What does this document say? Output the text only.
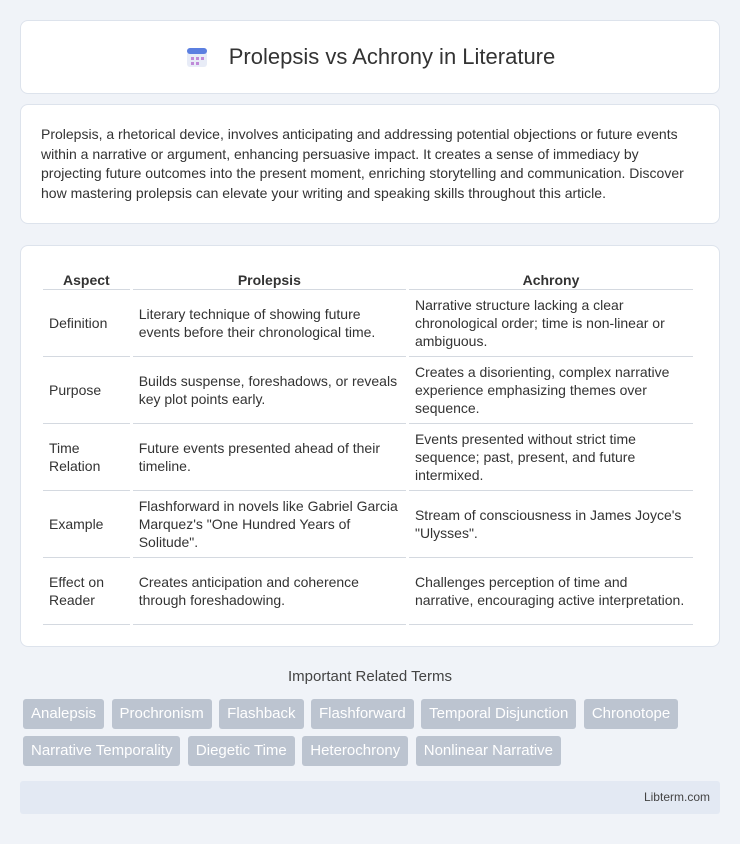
Prolepsis vs Achrony in Literature

Prolepsis, a rhetorical device, involves anticipating and addressing potential objections or future events within a narrative or argument, enhancing persuasive impact. It creates a sense of immediacy by projecting future outcomes into the present moment, enriching storytelling and communication. Discover how mastering prolepsis can elevate your writing and speaking skills throughout this article.

Aspect	Prolepsis	Achrony
Definition	Literary technique of showing future events before their chronological time.	Narrative structure lacking a clear chronological order; time is non-linear or ambiguous.
Purpose	Builds suspense, foreshadows, or reveals key plot points early.	Creates a disorienting, complex narrative experience emphasizing themes over sequence.
Time Relation	Future events presented ahead of their timeline.	Events presented without strict time sequence; past, present, and future intermixed.
Example	Flashforward in novels like Gabriel Garcia Marquez's "One Hundred Years of Solitude".	Stream of consciousness in James Joyce's "Ulysses".
Effect on Reader	Creates anticipation and coherence through foreshadowing.	Challenges perception of time and narrative, encouraging active interpretation.
Important Related Terms
Analepsis Prochronism Flashback Flashforward Temporal Disjunction Chronotope Narrative Temporality Diegetic Time Heterochrony Nonlinear Narrative
Libterm.com
